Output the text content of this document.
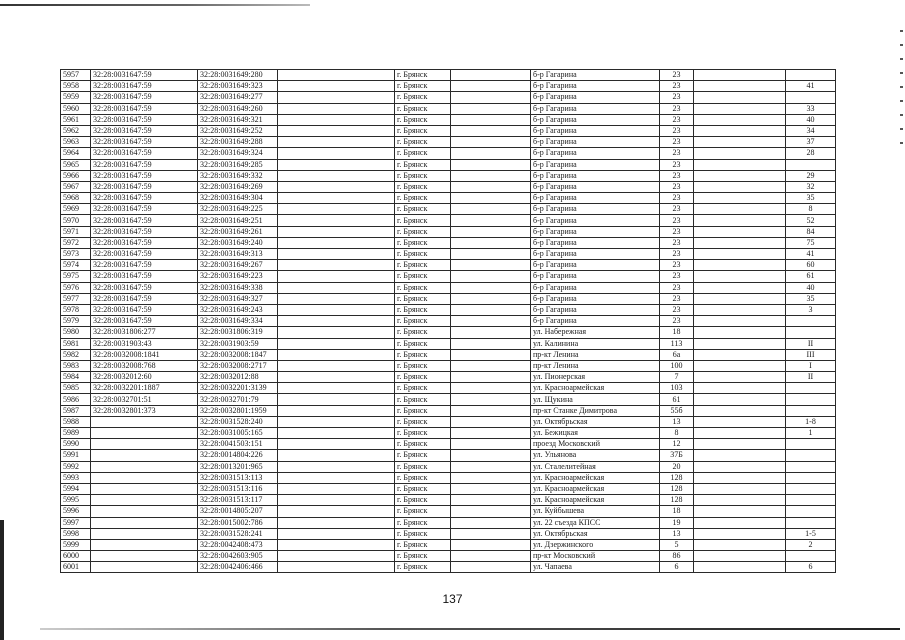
5957	32:28:0031647:59	32:28:0031649:280		г. Брянск		б-р Гагарина	23		
5958	32:28:0031647:59	32:28:0031649:323		г. Брянск		б-р Гагарина	23		41
5959	32:28:0031647:59	32:28:0031649:277		г. Брянск		б-р Гагарина	23		
5960	32:28:0031647:59	32:28:0031649:260		г. Брянск		б-р Гагарина	23		33
5961	32:28:0031647:59	32:28:0031649:321		г. Брянск		б-р Гагарина	23		40
5962	32:28:0031647:59	32:28:0031649:252		г. Брянск		б-р Гагарина	23		34
5963	32:28:0031647:59	32:28:0031649:288		г. Брянск		б-р Гагарина	23		37
5964	32:28:0031647:59	32:28:0031649:324		г. Брянск		б-р Гагарина	23		28
5965	32:28:0031647:59	32:28:0031649:285		г. Брянск		б-р Гагарина	23		
5966	32:28:0031647:59	32:28:0031649:332		г. Брянск		б-р Гагарина	23		29
5967	32:28:0031647:59	32:28:0031649:269		г. Брянск		б-р Гагарина	23		32
5968	32:28:0031647:59	32:28:0031649:304		г. Брянск		б-р Гагарина	23		35
5969	32:28:0031647:59	32:28:0031649:225		г. Брянск		б-р Гагарина	23		8
5970	32:28:0031647:59	32:28:0031649:251		г. Брянск		б-р Гагарина	23		52
5971	32:28:0031647:59	32:28:0031649:261		г. Брянск		б-р Гагарина	23		84
5972	32:28:0031647:59	32:28:0031649:240		г. Брянск		б-р Гагарина	23		75
5973	32:28:0031647:59	32:28:0031649:313		г. Брянск		б-р Гагарина	23		41
5974	32:28:0031647:59	32:28:0031649:267		г. Брянск		б-р Гагарина	23		60
5975	32:28:0031647:59	32:28:0031649:223		г. Брянск		б-р Гагарина	23		61
5976	32:28:0031647:59	32:28:0031649:338		г. Брянск		б-р Гагарина	23		40
5977	32:28:0031647:59	32:28:0031649:327		г. Брянск		б-р Гагарина	23		35
5978	32:28:0031647:59	32:28:0031649:243		г. Брянск		б-р Гагарина	23		3
5979	32:28:0031647:59	32:28:0031649:334		г. Брянск		б-р Гагарина	23		
5980	32:28:0031806:277	32:28:0031806:319		г. Брянск		ул. Набережная	18		
5981	32:28:0031903:43	32:28:0031903:59		г. Брянск		ул. Калинина	113		II
5982	32:28:0032008:1841	32:28:0032008:1847		г. Брянск		пр-кт Ленина	6а		III
5983	32:28:0032008:768	32:28:0032008:2717		г. Брянск		пр-кт Ленина	100		I
5984	32:28:0032012:60	32:28:0032012:88		г. Брянск		ул. Пионерская	7		II
5985	32:28:0032201:1887	32:28:0032201:3139		г. Брянск		ул. Красноармейская	103		
5986	32:28:0032701:51	32:28:0032701:79		г. Брянск		ул. Щукина	61		
5987	32:28:0032801:373	32:28:0032801:1959		г. Брянск		пр-кт Станке Димитрова	55б		
5988		32:28:0031528:240		г. Брянск		ул. Октябрьская	13		1-8
5989		32:28:0031005:165		г. Брянск		ул. Бежицкая	8		1
5990		32:28:0041503:151		г. Брянск		проезд Московский	12		
5991		32:28:0014804:226		г. Брянск		ул. Ульянова	37Б		
5992		32:28:0013201:965		г. Брянск		ул. Сталелитейная	20		
5993		32:28:0031513:113		г. Брянск		ул. Красноармейская	128		
5994		32:28:0031513:116		г. Брянск		ул. Красноармейская	128		
5995		32:28:0031513:117		г. Брянск		ул. Красноармейская	128		
5996		32:28:0014805:207		г. Брянск		ул. Куйбышева	18		
5997		32:28:0015002:786		г. Брянск		ул. 22 съезда КПСС	19		
5998		32:28:0031528:241		г. Брянск		ул. Октябрьская	13		1-5
5999		32:28:0042408:473		г. Брянск		ул. Дзержинского	5		2
6000		32:28:0042603:905		г. Брянск		пр-кт Московский	86		
6001		32:28:0042406:466		г. Брянск		ул. Чапаева	6		6
137
